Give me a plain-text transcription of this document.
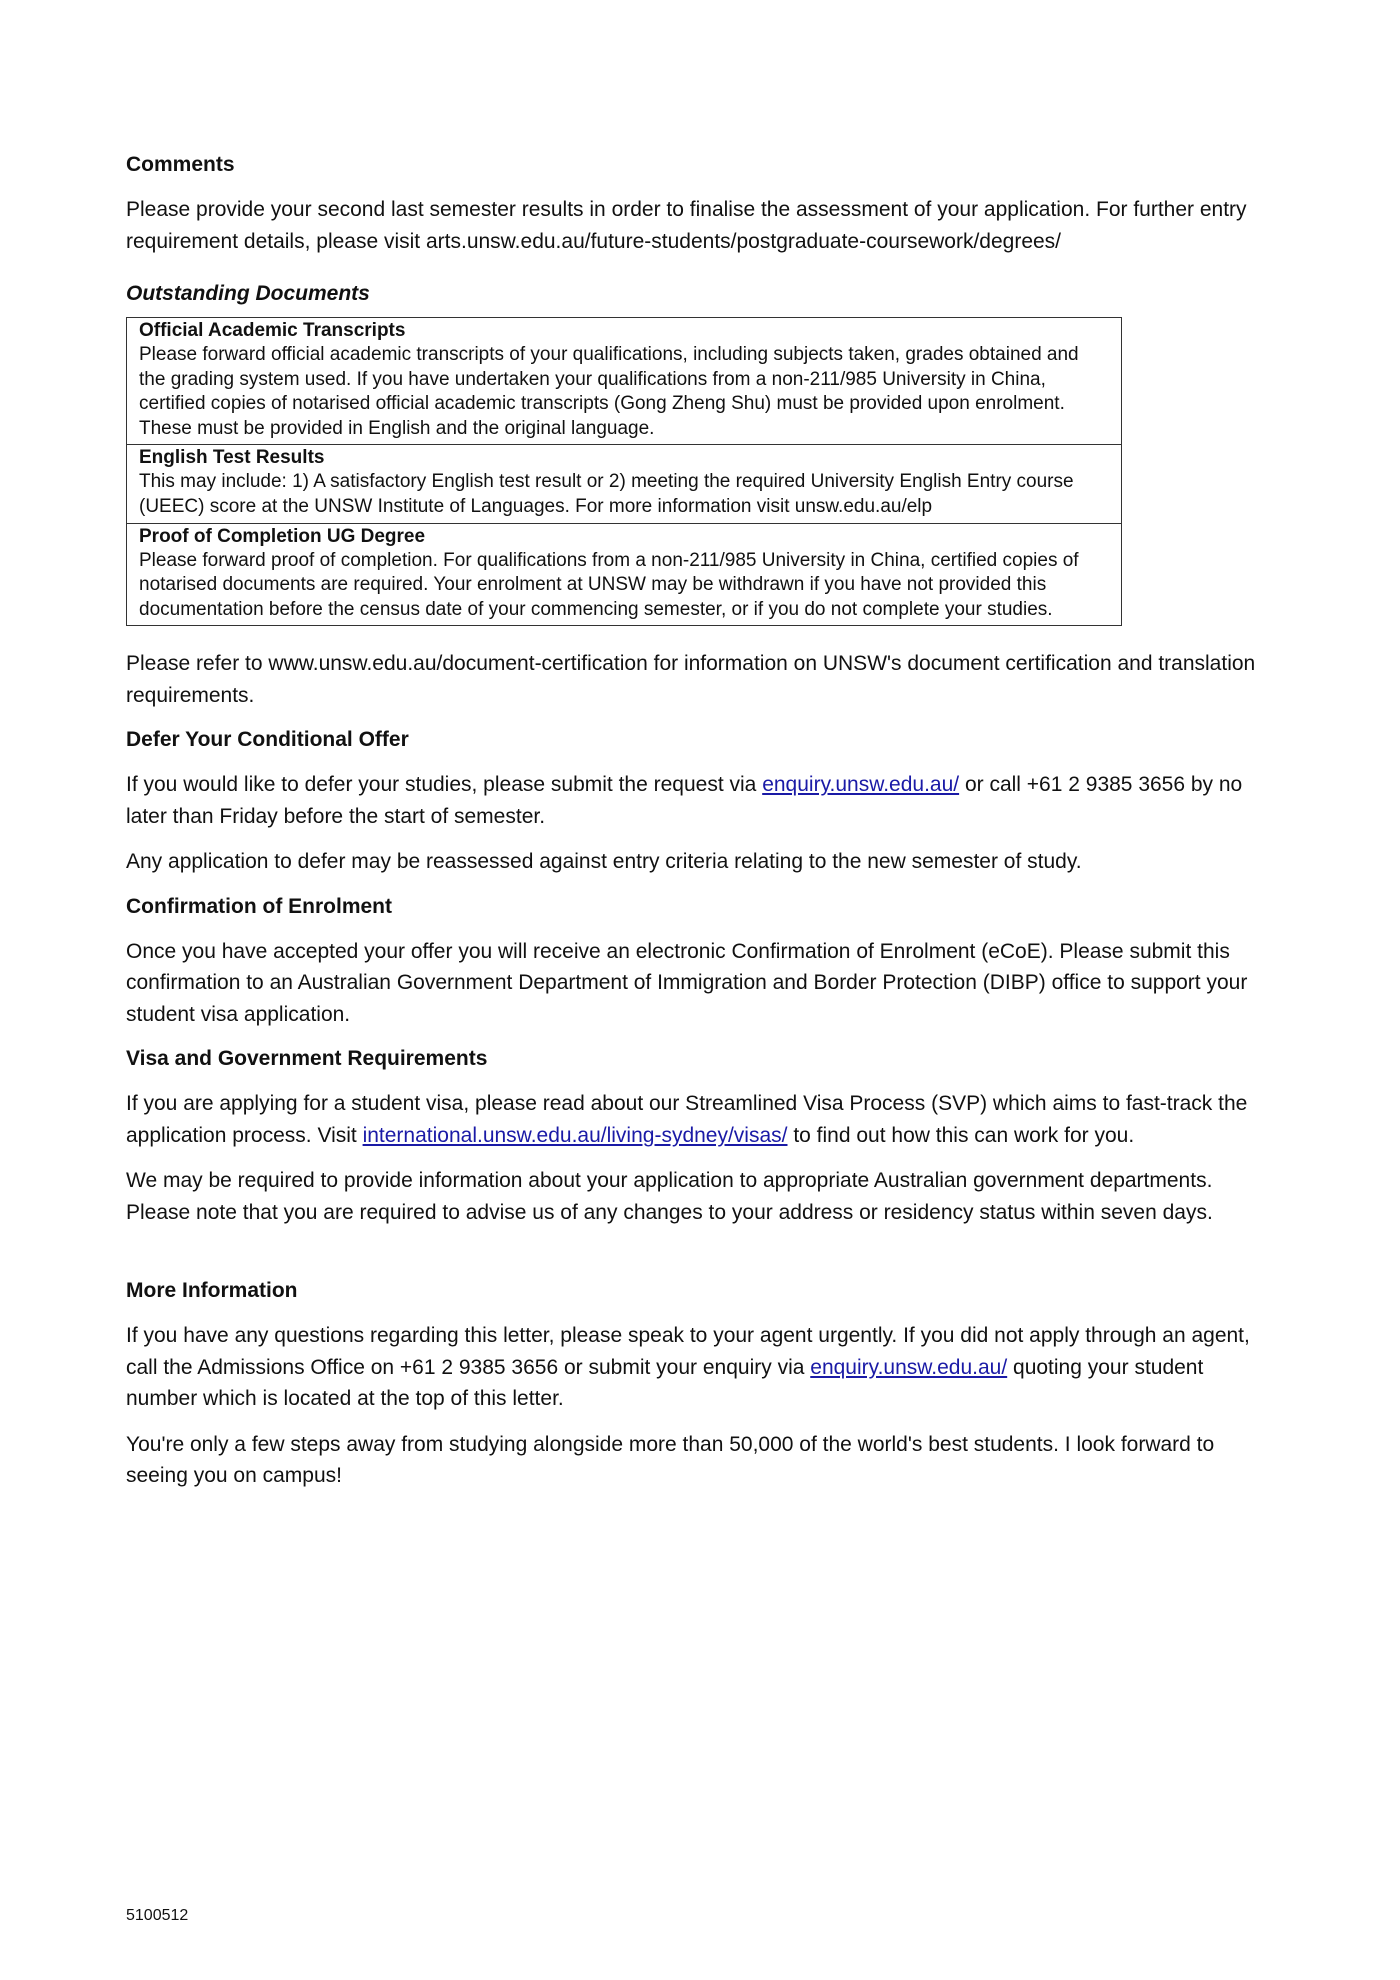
Comments
Please provide your second last semester results in order to finalise the assessment of your application. For further entry requirement details, please visit arts.unsw.edu.au/future-students/postgraduate-coursework/degrees/
Outstanding Documents
Official Academic Transcripts
Please forward official academic transcripts of your qualifications, including subjects taken, grades obtained and the grading system used. If you have undertaken your qualifications from a non-211/985 University in China, certified copies of notarised official academic transcripts (Gong Zheng Shu) must be provided upon enrolment. These must be provided in English and the original language.

English Test Results
This may include: 1) A satisfactory English test result or 2) meeting the required University English Entry course (UEEC) score at the UNSW Institute of Languages. For more information visit unsw.edu.au/elp

Proof of Completion UG Degree
Please forward proof of completion. For qualifications from a non-211/985 University in China, certified copies of notarised documents are required. Your enrolment at UNSW may be withdrawn if you have not provided this documentation before the census date of your commencing semester, or if you do not complete your studies.
Please refer to www.unsw.edu.au/document-certification for information on UNSW's document certification and translation requirements.
Defer Your Conditional Offer
If you would like to defer your studies, please submit the request via enquiry.unsw.edu.au/ or call +61 2 9385 3656 by no later than Friday before the start of semester.
Any application to defer may be reassessed against entry criteria relating to the new semester of study.
Confirmation of Enrolment
Once you have accepted your offer you will receive an electronic Confirmation of Enrolment (eCoE). Please submit this confirmation to an Australian Government Department of Immigration and Border Protection (DIBP) office to support your student visa application.
Visa and Government Requirements
If you are applying for a student visa, please read about our Streamlined Visa Process (SVP) which aims to fast-track the application process. Visit international.unsw.edu.au/living-sydney/visas/ to find out how this can work for you.
We may be required to provide information about your application to appropriate Australian government departments. Please note that you are required to advise us of any changes to your address or residency status within seven days.
More Information
If you have any questions regarding this letter, please speak to your agent urgently. If you did not apply through an agent, call the Admissions Office on +61 2 9385 3656 or submit your enquiry via enquiry.unsw.edu.au/ quoting your student number which is located at the top of this letter.
You're only a few steps away from studying alongside more than 50,000 of the world's best students. I look forward to seeing you on campus!
5100512
